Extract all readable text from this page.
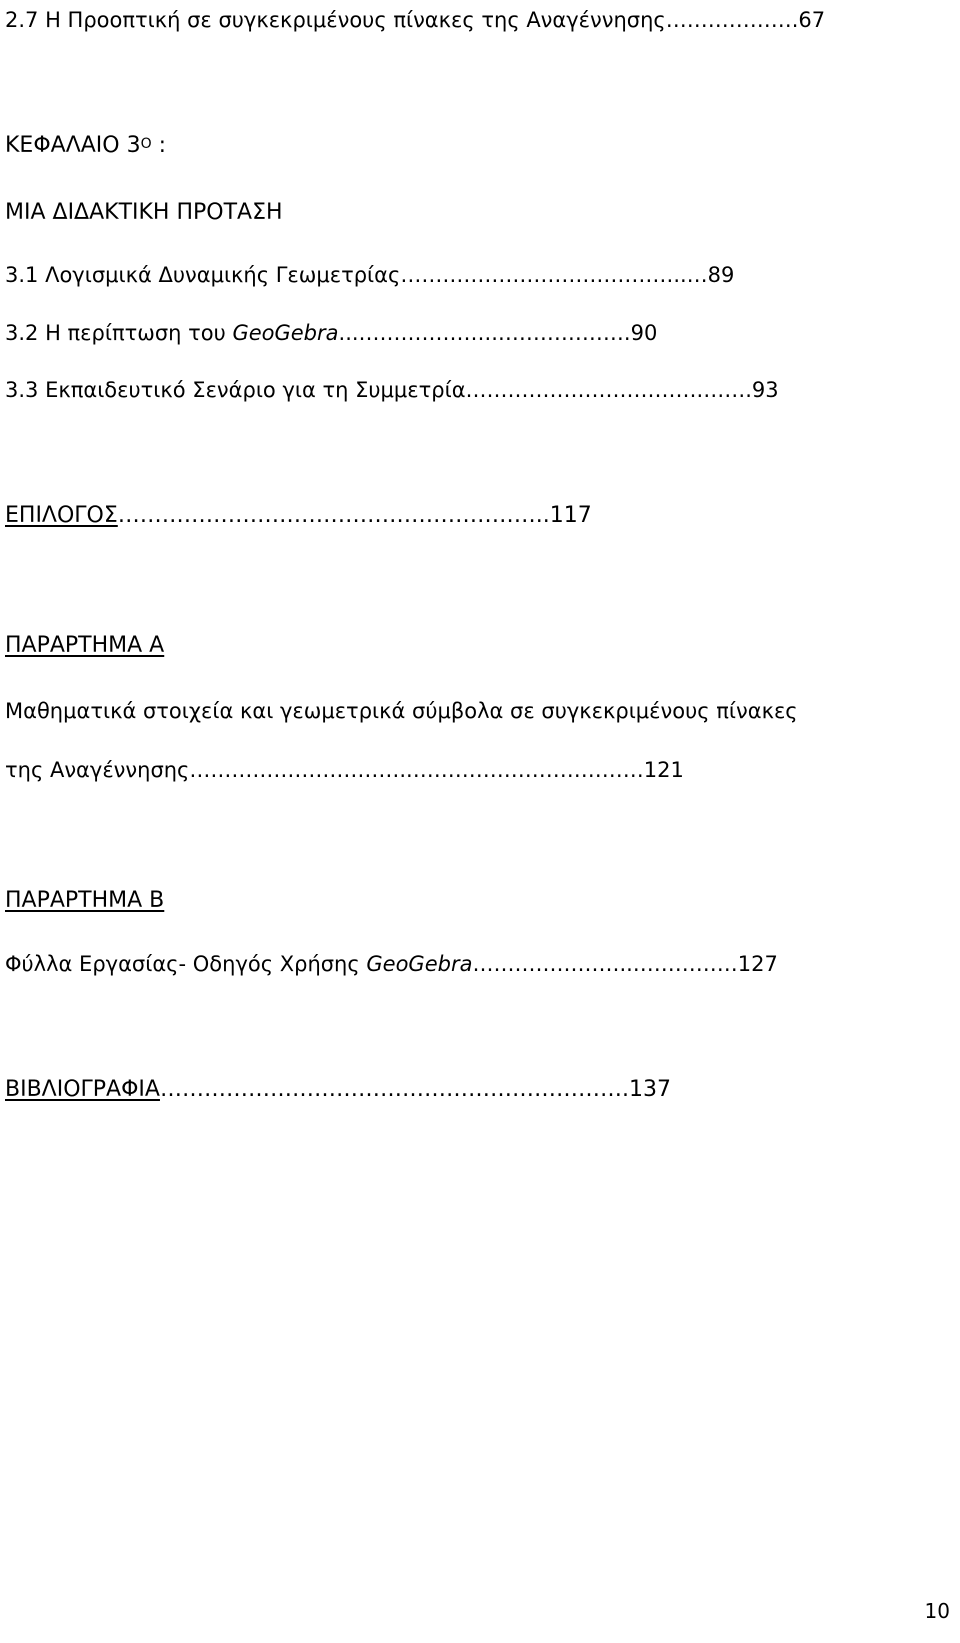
2.7 Η Προοπτική σε συγκεκριμένους πίνακες της Αναγέννησης……………….67
ΚΕΦΑΛΑΙΟ $3^O$ :
ΜΙΑ ΔΙΔΑΚΤΙΚΗ ΠΡΟΤΑΣΗ
3.1 Λογισμικά Δυναμικής Γεωμετρίας…………………………………..…89
3.2 Η περίπτωση του GeoGebra...………………..……………….90
3.3 Εκπαιδευτικό Σενάριο για τη Συμμετρία…………………………….…….93
ΕΠΙΛΟΓΟΣ…………………………………………………..117
ΠΑΡΑΡΤΗΜΑ Α
Μαθηματικά στοιχεία και γεωμετρικά σύμβολα σε συγκεκριμένους πίνακες
της Αναγέννησης…………………………..……………………………121
ΠΑΡΑΡΤΗΜΑ Β
Φύλλα Εργασίας- Οδηγός Χρήσης GeoGebra…………………..……………127
ΒΙΒΛΙΟΓΡΑΦΙΑ……………………………………………………….137
10
